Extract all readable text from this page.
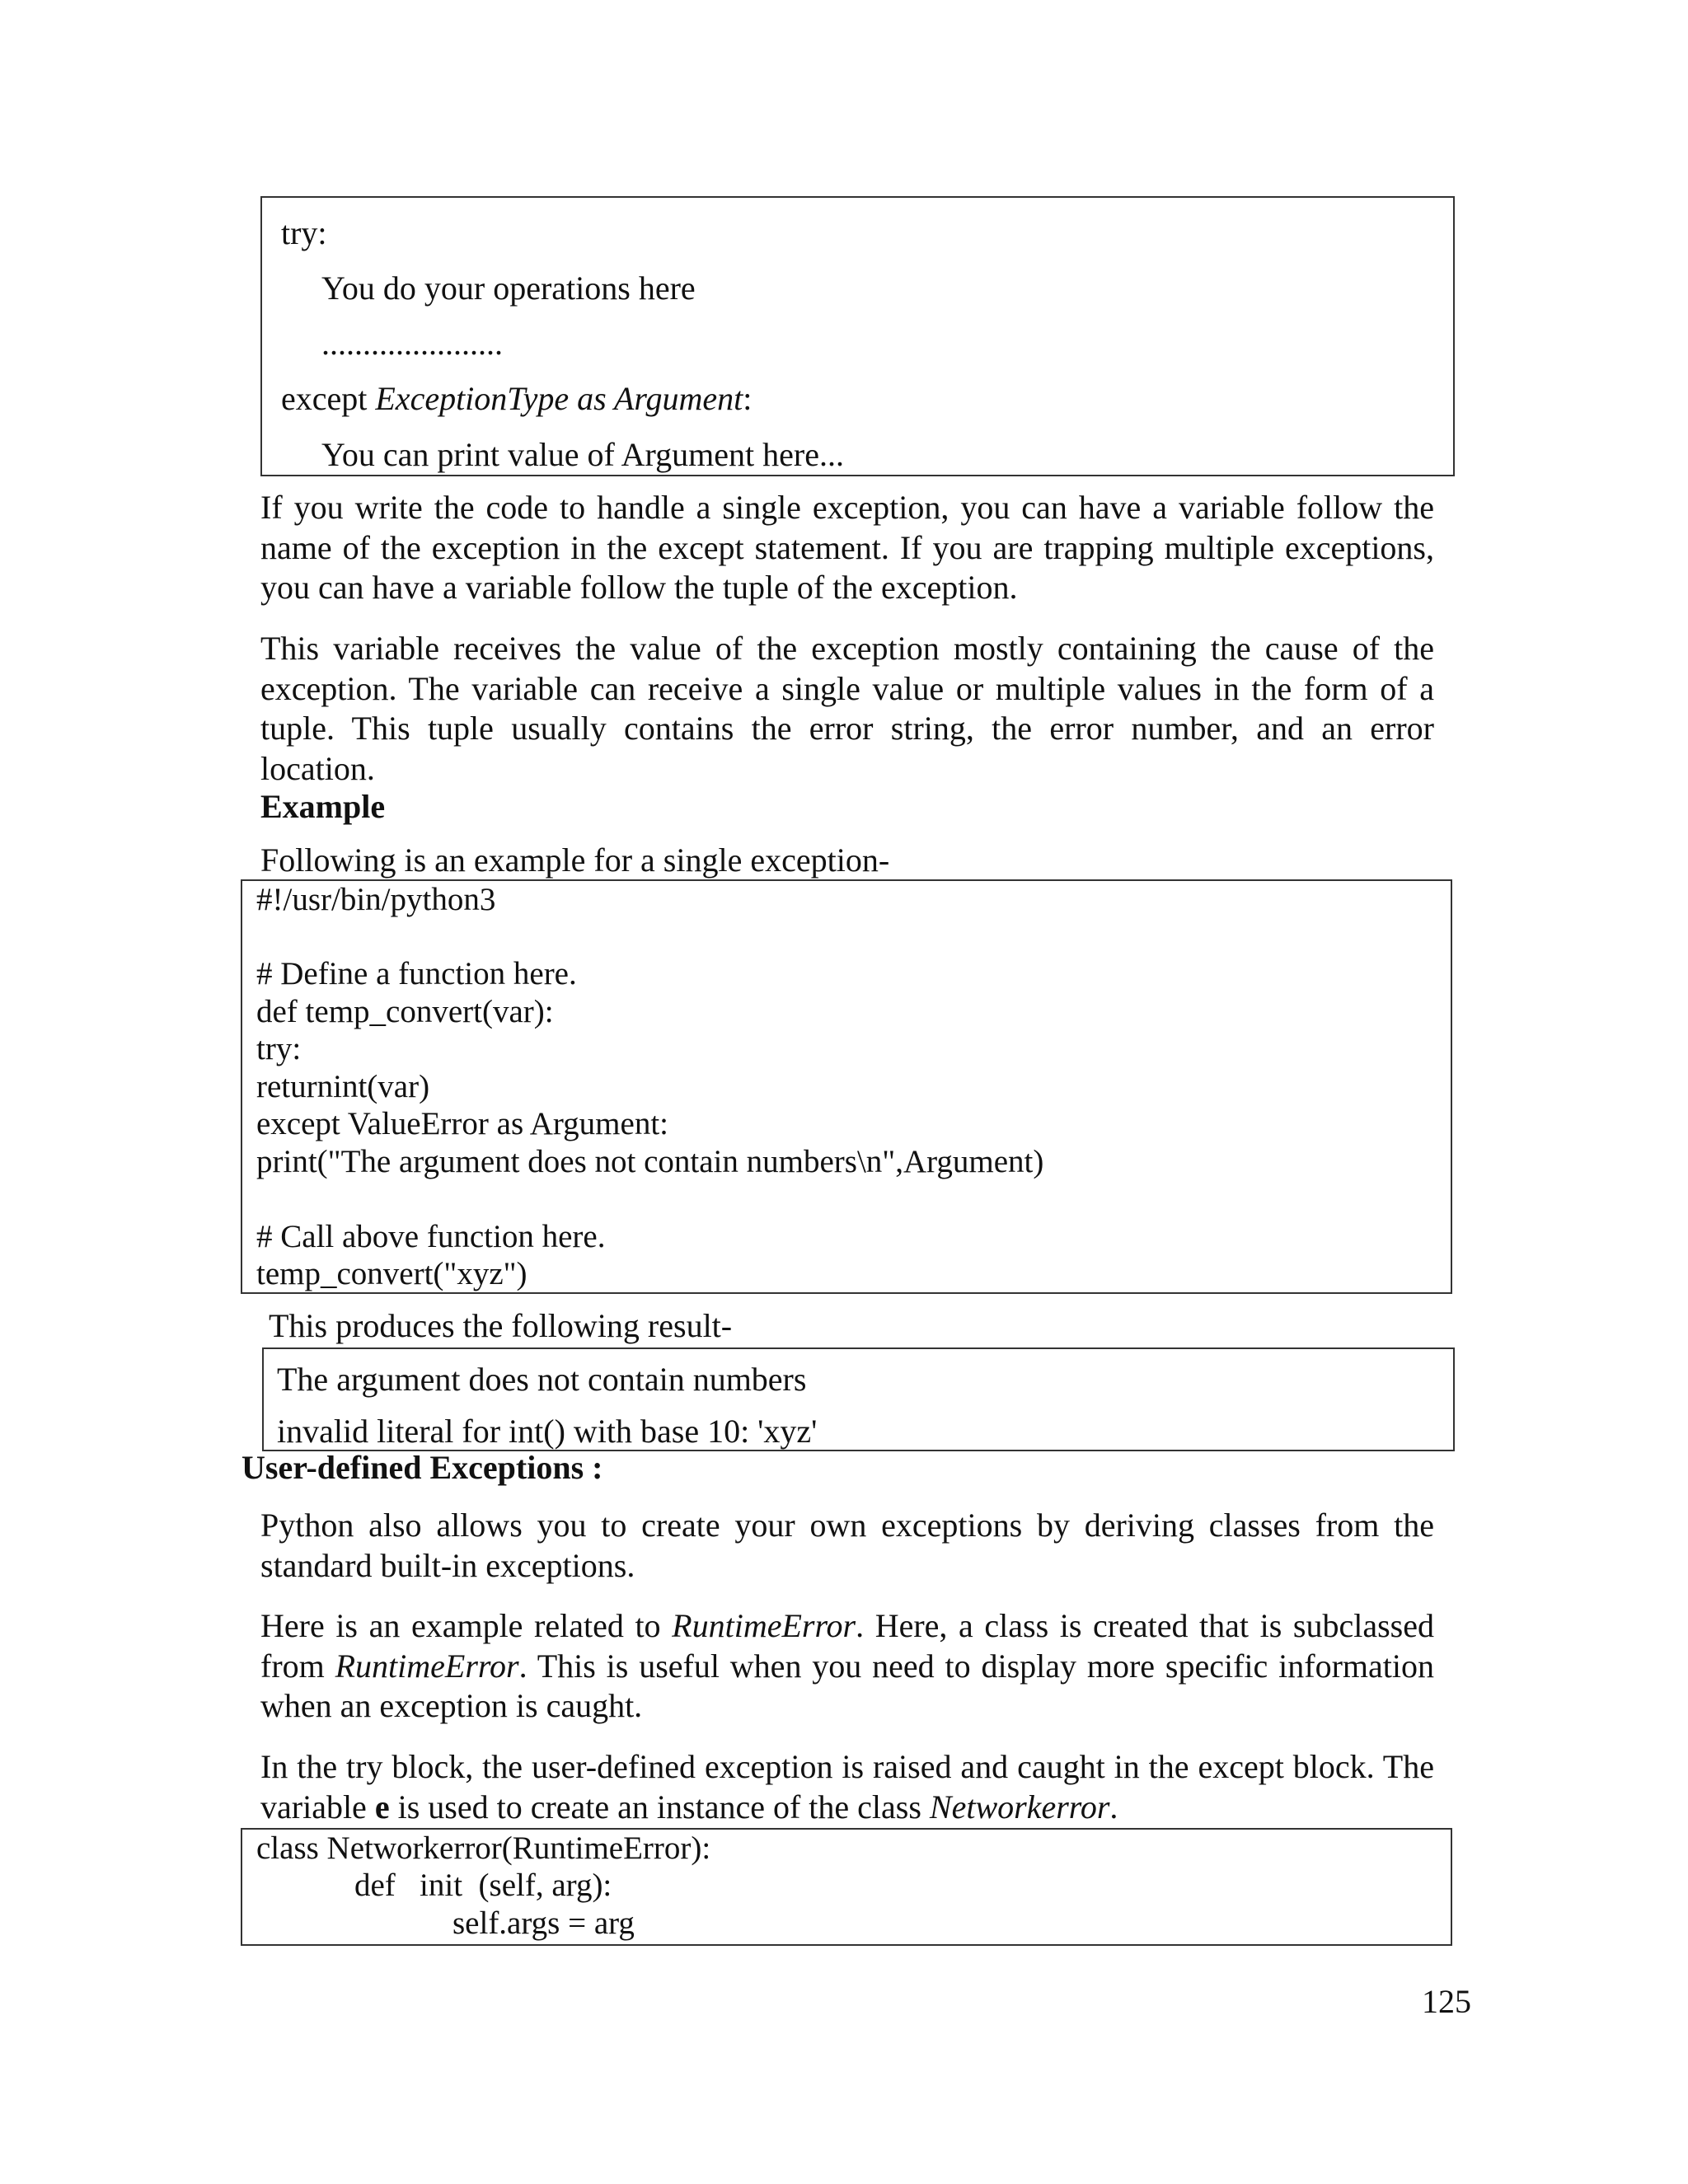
try:
You do your operations here
......................
except ExceptionType as Argument:
You can print value of Argument here...
If you write the code to handle a single exception, you can have a variable follow the name of the exception in the except statement. If you are trapping multiple exceptions, you can have a variable follow the tuple of the exception.
This variable receives the value of the exception mostly containing the cause of the exception. The variable can receive a single value or multiple values in the form of a tuple. This tuple usually contains the error string, the error number, and an error location.
Example
Following is an example for a single exception-
#!/usr/bin/python3
# Define a function here.
def temp_convert(var):
try:
returnint(var)
except ValueError as Argument:
print("The argument does not contain numbers\n",Argument)
# Call above function here.
temp_convert("xyz")
This produces the following result-
The argument does not contain numbers
invalid literal for int() with base 10: 'xyz'
User-defined Exceptions :
Python also allows you to create your own exceptions by deriving classes from the standard built-in exceptions.
Here is an example related to RuntimeError. Here, a class is created that is subclassed from RuntimeError. This is useful when you need to display more specific information when an exception is caught.
In the try block, the user-defined exception is raised and caught in the except block. The variable e is used to create an instance of the class Networkerror.
class Networkerror(RuntimeError):
def   init  (self, arg):
self.args = arg
125
